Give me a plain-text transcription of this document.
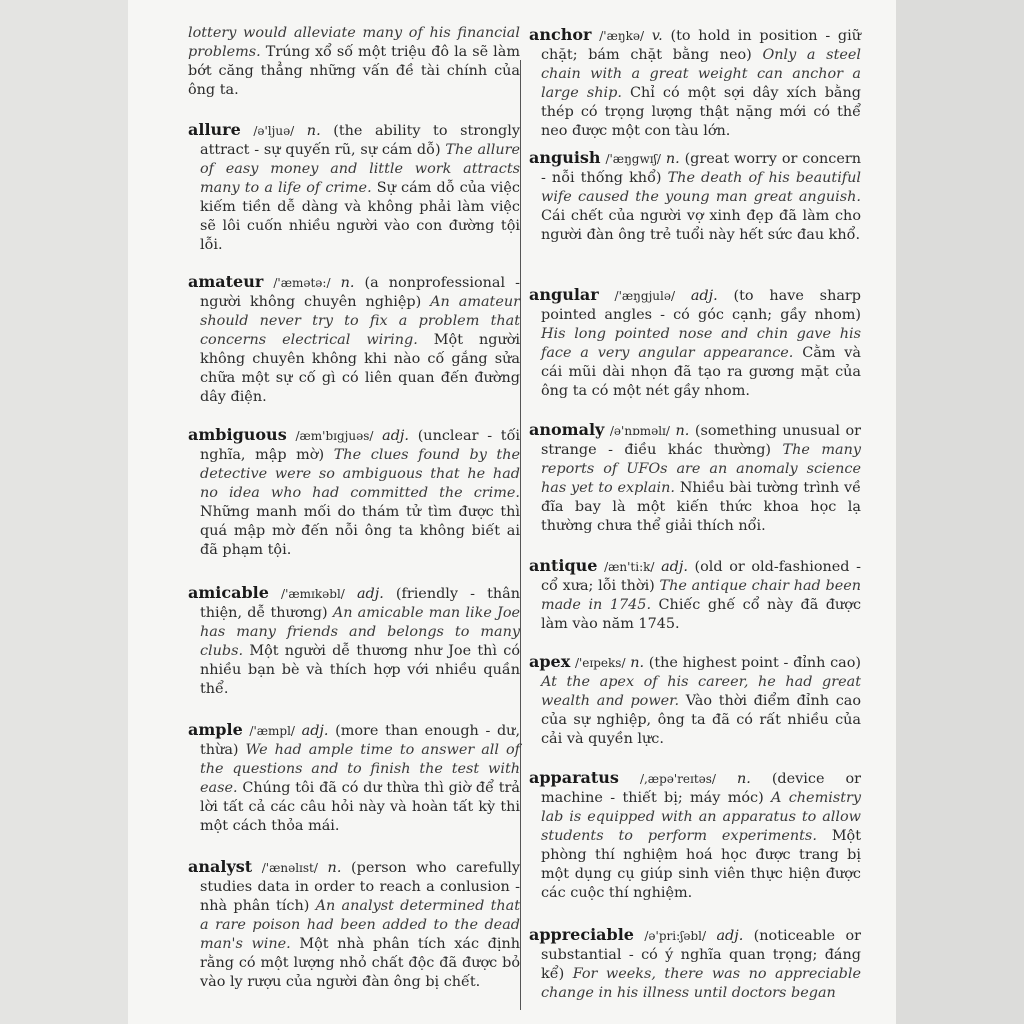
lottery would alleviate many of his financial problems. Trúng xổ số một triệu đô la sẽ làm bớt căng thẳng những vấn đề tài chính của ông ta.
allure /ə'ljuə/ n. (the ability to strongly attract - sự quyến rũ, sự cám dỗ) The allure of easy money and little work attracts many to a life of crime. Sự cám dỗ của việc kiếm tiền dễ dàng và không phải làm việc sẽ lôi cuốn nhiều người vào con đường tội lỗi.
amateur /'æmətə:/ n. (a nonprofessional - người không chuyên nghiệp) An amateur should never try to fix a problem that concerns electrical wiring. Một người không chuyên không khi nào cố gắng sửa chữa một sự cố gì có liên quan đến đường dây điện.
ambiguous /æm'bɪgjuəs/ adj. (unclear - tối nghĩa, mập mờ) The clues found by the detective were so ambiguous that he had no idea who had committed the crime. Những manh mối do thám tử tìm được thì quá mập mờ đến nỗi ông ta không biết ai đã phạm tội.
amicable /'æmɪkəbl/ adj. (friendly - thân thiện, dễ thương) An amicable man like Joe has many friends and belongs to many clubs. Một người dễ thương như Joe thì có nhiều bạn bè và thích hợp với nhiều quần thể.
ample /'æmpl/ adj. (more than enough - dư, thừa) We had ample time to answer all of the questions and to finish the test with ease. Chúng tôi đã có dư thừa thì giờ để trả lời tất cả các câu hỏi này và hoàn tất kỳ thi một cách thỏa mái.
analyst /'ænəlɪst/ n. (person who carefully studies data in order to reach a conlusion - nhà phân tích) An analyst determined that a rare poison had been added to the dead man's wine. Một nhà phân tích xác định rằng có một lượng nhỏ chất độc đã được bỏ vào ly rượu của người đàn ông bị chết.
anchor /'æŋkə/ v. (to hold in position - giữ chặt; bám chặt bằng neo) Only a steel chain with a great weight can anchor a large ship. Chỉ có một sợi dây xích bằng thép có trọng lượng thật nặng mới có thể neo được một con tàu lớn.
anguish /'æŋgwɪʃ/ n. (great worry or concern - nỗi thống khổ) The death of his beautiful wife caused the young man great anguish. Cái chết của người vợ xinh đẹp đã làm cho người đàn ông trẻ tuổi này hết sức đau khổ.
angular /'æŋgjulə/ adj. (to have sharp pointed angles - có góc cạnh; gầy nhom) His long pointed nose and chin gave his face a very angular appearance. Cằm và cái mũi dài nhọn đã tạo ra gương mặt của ông ta có một nét gầy nhom.
anomaly /ə'nɒməlɪ/ n. (something unusual or strange - điều khác thường) The many reports of UFOs are an anomaly science has yet to explain. Nhiều bài tường trình về đĩa bay là một kiến thức khoa học lạ thường chưa thể giải thích nổi.
antique /æn'ti:k/ adj. (old or old-fashioned - cổ xưa; lỗi thời) The antique chair had been made in 1745. Chiếc ghế cổ này đã được làm vào năm 1745.
apex /'eɪpeks/ n. (the highest point - đỉnh cao) At the apex of his career, he had great wealth and power. Vào thời điểm đỉnh cao của sự nghiệp, ông ta đã có rất nhiều của cải và quyền lực.
apparatus /,æpə'reɪtəs/ n. (device or machine - thiết bị; máy móc) A chemistry lab is equipped with an apparatus to allow students to perform experiments. Một phòng thí nghiệm hoá học được trang bị một dụng cụ giúp sinh viên thực hiện được các cuộc thí nghiệm.
appreciable /ə'pri:ʃəbl/ adj. (noticeable or substantial - có ý nghĩa quan trọng; đáng kể) For weeks, there was no appreciable change in his illness until doctors began
